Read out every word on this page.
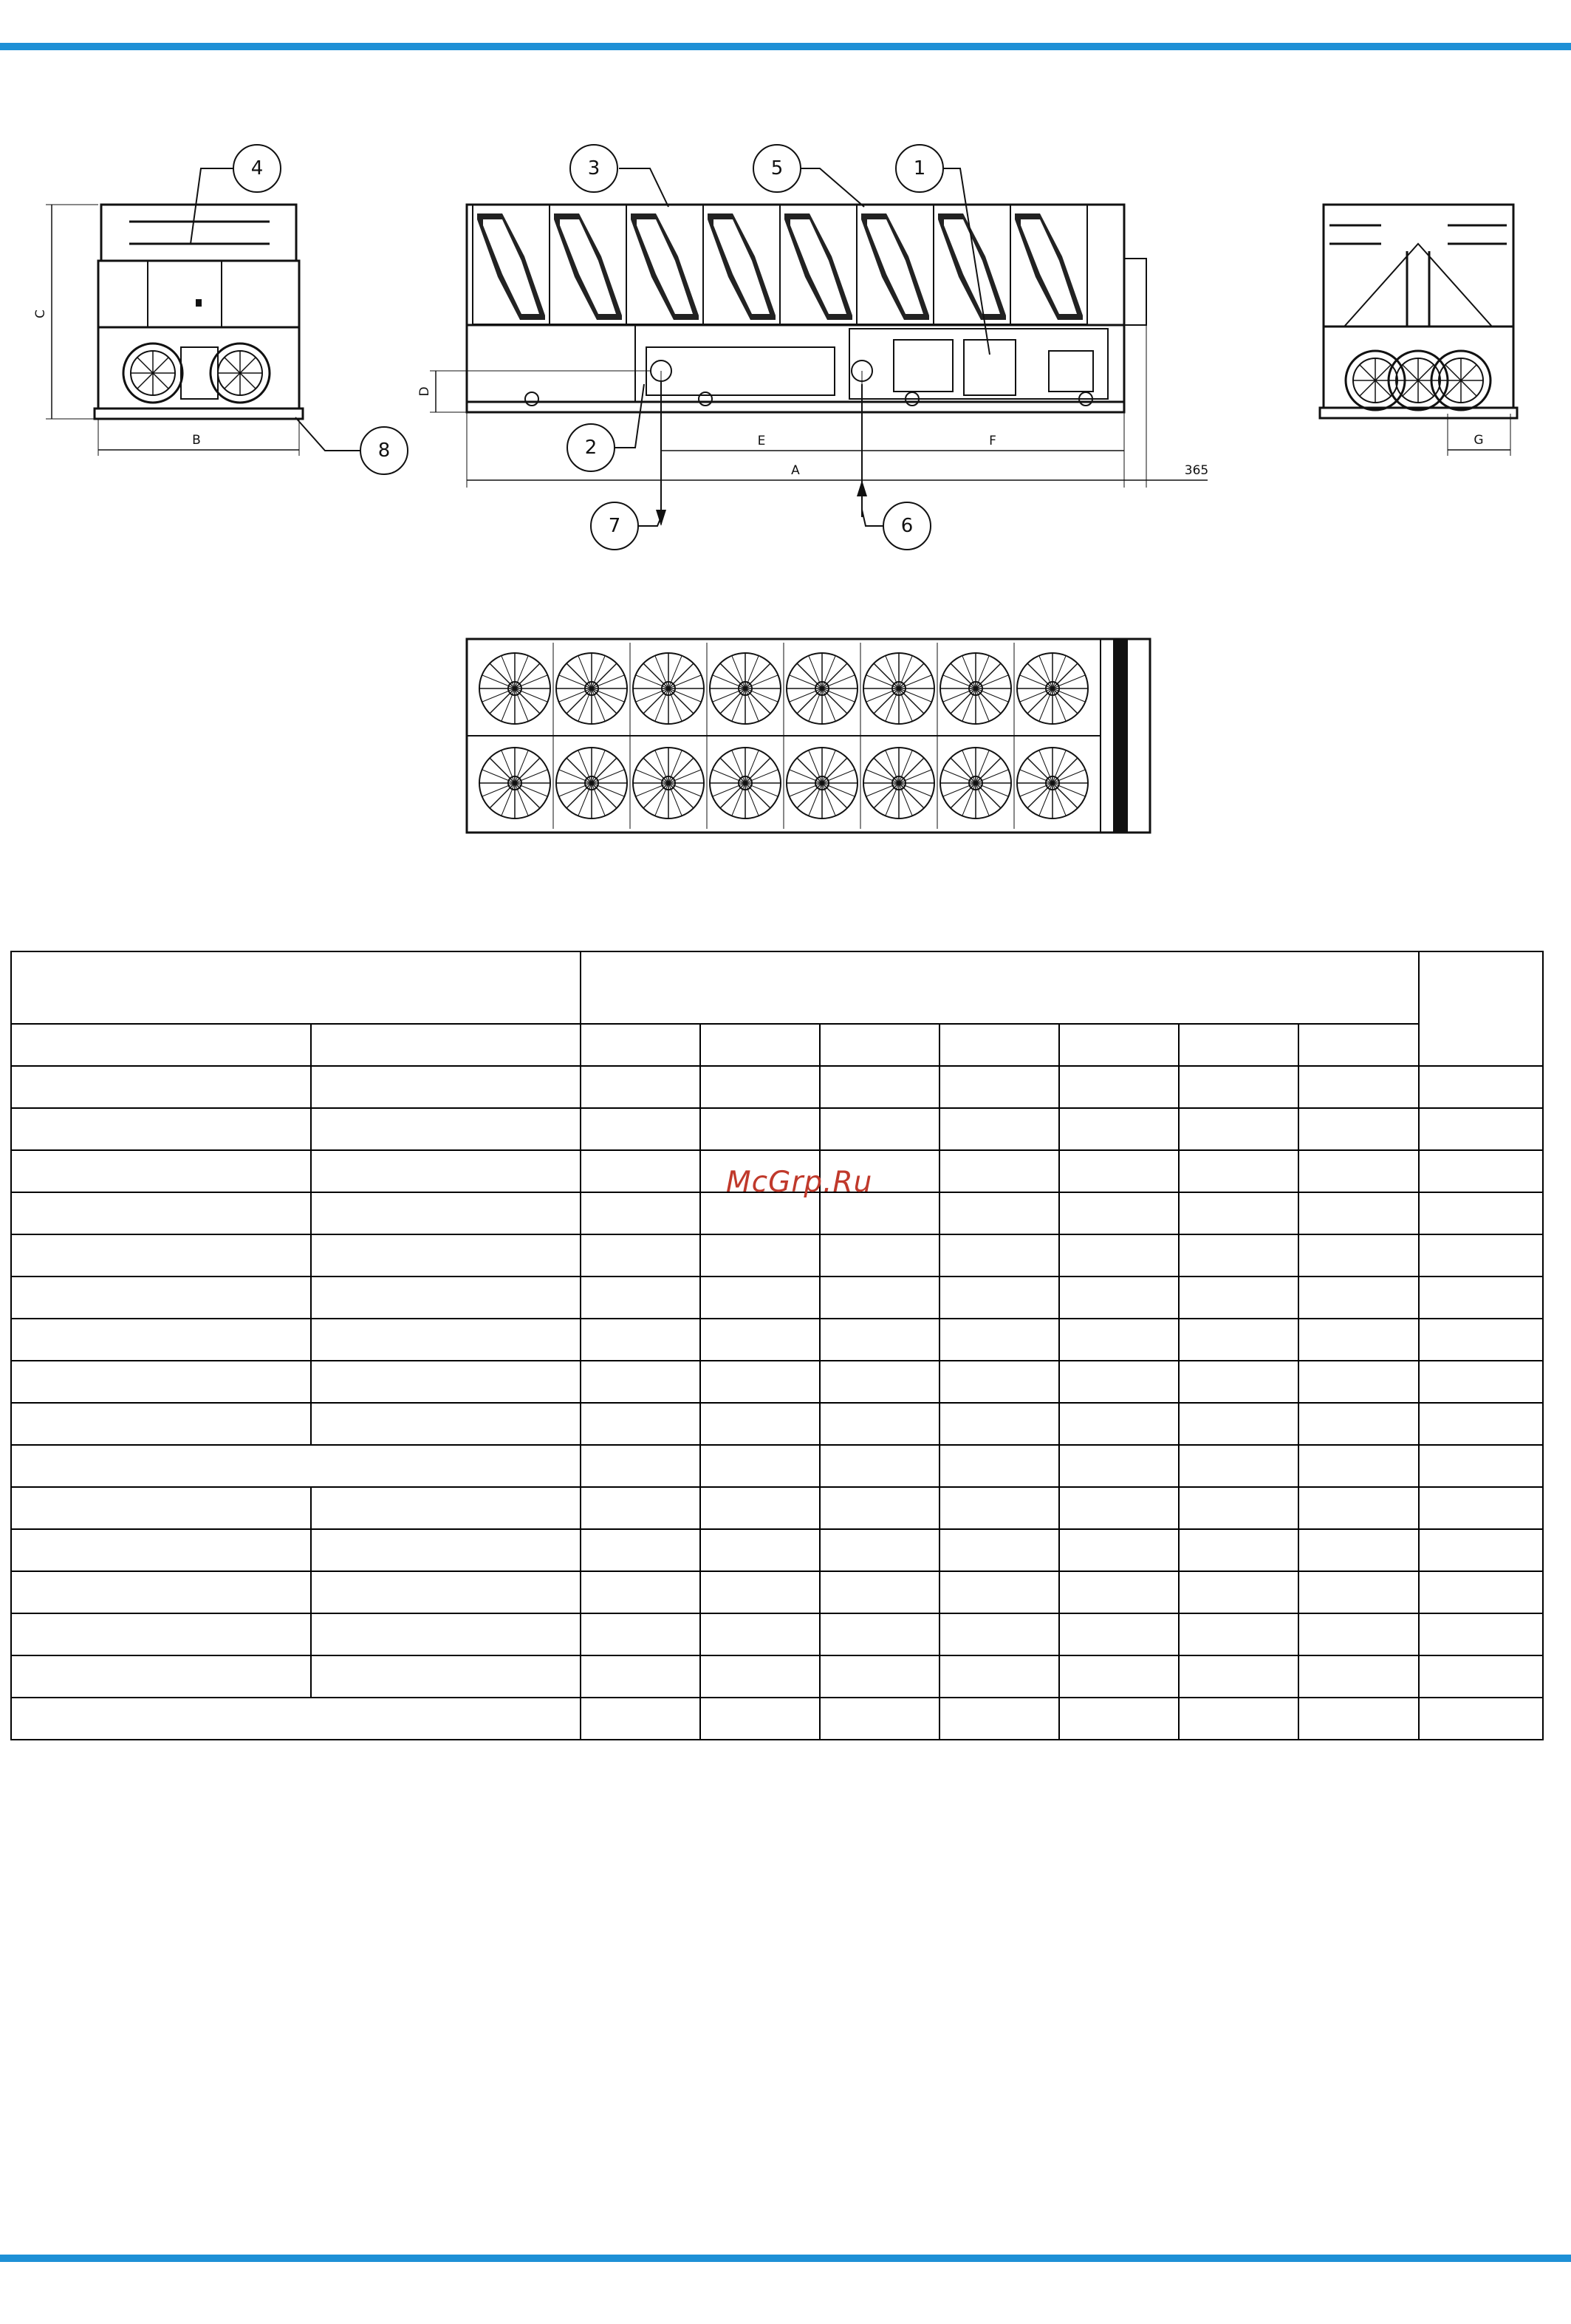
C
B
D
E	F
A	365
G
1
2
3
4	5
6
7
8

McGrp.Ru
